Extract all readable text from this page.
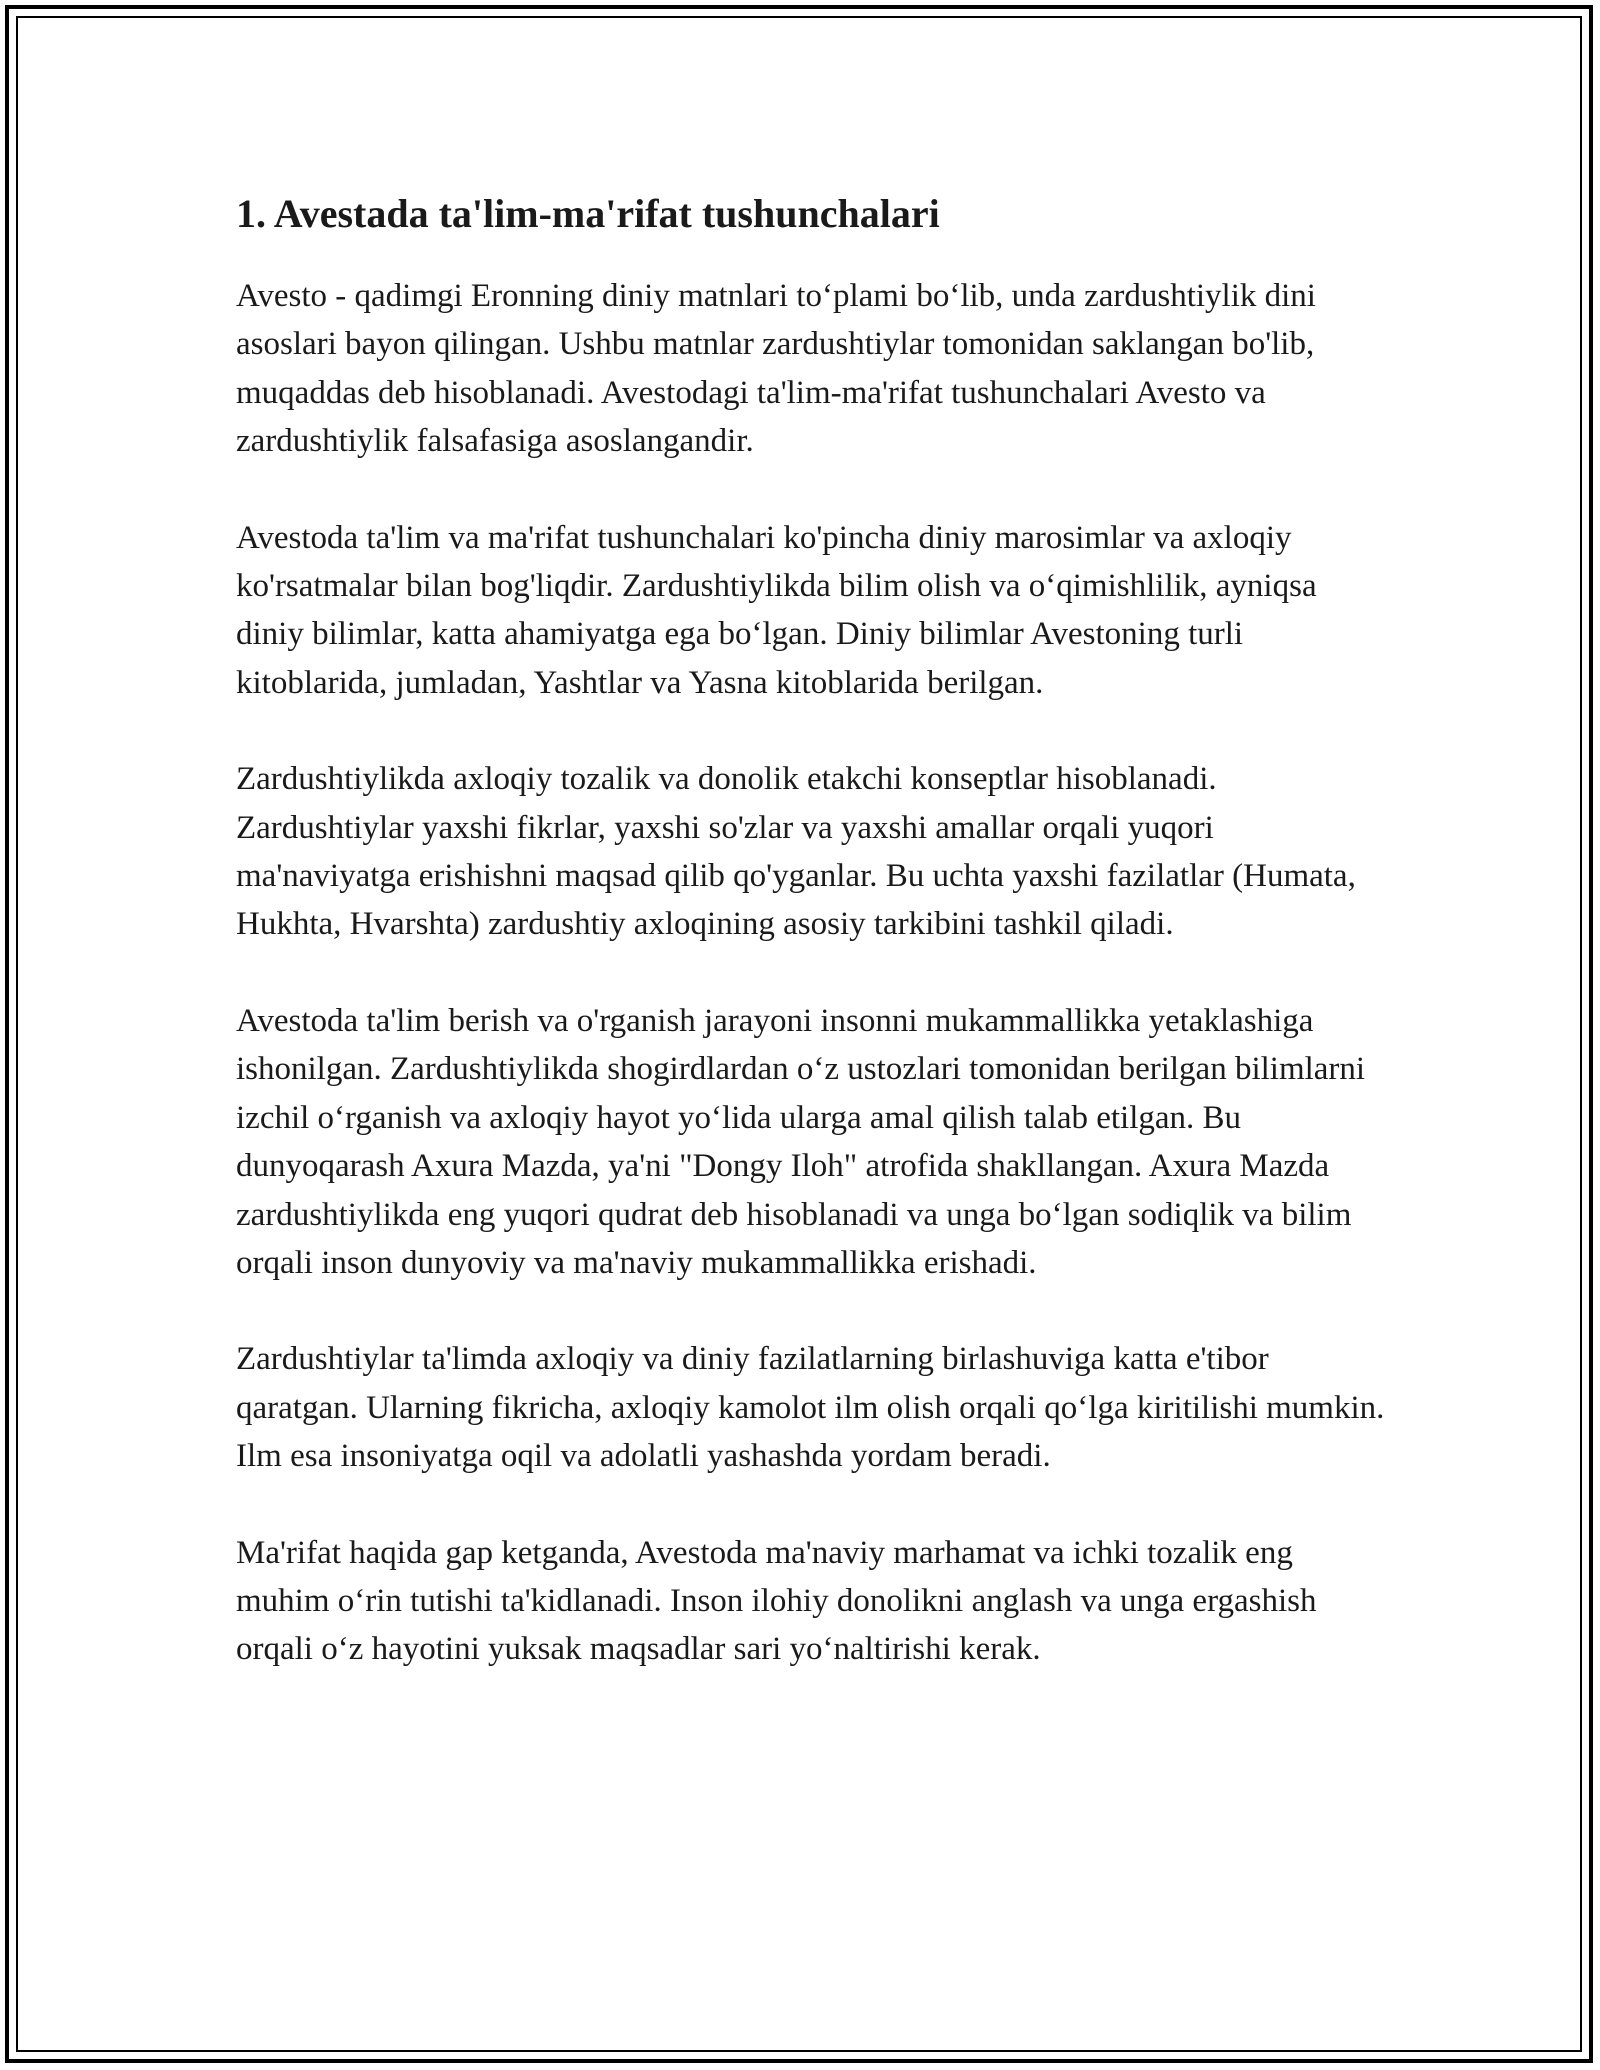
1. Avestada ta'lim-ma'rifat tushunchalari

Avesto - qadimgi Eronning diniy matnlari to‘plami bo‘lib, unda zardushtiylik dini asoslari bayon qilingan. Ushbu matnlar zardushtiylar tomonidan saklangan bo'lib, muqaddas deb hisoblanadi. Avestodagi ta'lim-ma'rifat tushunchalari Avesto va zardushtiylik falsafasiga asoslangandir.

Avestoda ta'lim va ma'rifat tushunchalari ko'pincha diniy marosimlar va axloqiy ko'rsatmalar bilan bog'liqdir. Zardushtiylikda bilim olish va o‘qimishlilik, ayniqsa diniy bilimlar, katta ahamiyatga ega bo‘lgan. Diniy bilimlar Avestoning turli kitoblarida, jumladan, Yashtlar va Yasna kitoblarida berilgan.

Zardushtiylikda axloqiy tozalik va donolik etakchi konseptlar hisoblanadi. Zardushtiylar yaxshi fikrlar, yaxshi so'zlar va yaxshi amallar orqali yuqori ma'naviyatga erishishni maqsad qilib qo'yganlar. Bu uchta yaxshi fazilatlar (Humata, Hukhta, Hvarshta) zardushtiy axloqining asosiy tarkibini tashkil qiladi.

Avestoda ta'lim berish va o'rganish jarayoni insonni mukammallikka yetaklashiga ishonilgan. Zardushtiylikda shogirdlardan o‘z ustozlari tomonidan berilgan bilimlarni izchil o‘rganish va axloqiy hayot yo‘lida ularga amal qilish talab etilgan. Bu dunyoqarash Axura Mazda, ya'ni "Dongy Iloh" atrofida shakllangan. Axura Mazda zardushtiylikda eng yuqori qudrat deb hisoblanadi va unga bo‘lgan sodiqlik va bilim orqali inson dunyoviy va ma'naviy mukammallikka erishadi.

Zardushtiylar ta'limda axloqiy va diniy fazilatlarning birlashuviga katta e'tibor qaratgan. Ularning fikricha, axloqiy kamolot ilm olish orqali qo‘lga kiritilishi mumkin. Ilm esa insoniyatga oqil va adolatli yashashda yordam beradi.

Ma'rifat haqida gap ketganda, Avestoda ma'naviy marhamat va ichki tozalik eng muhim o‘rin tutishi ta'kidlanadi. Inson ilohiy donolikni anglash va unga ergashish orqali o‘z hayotini yuksak maqsadlar sari yo‘naltirishi kerak.
